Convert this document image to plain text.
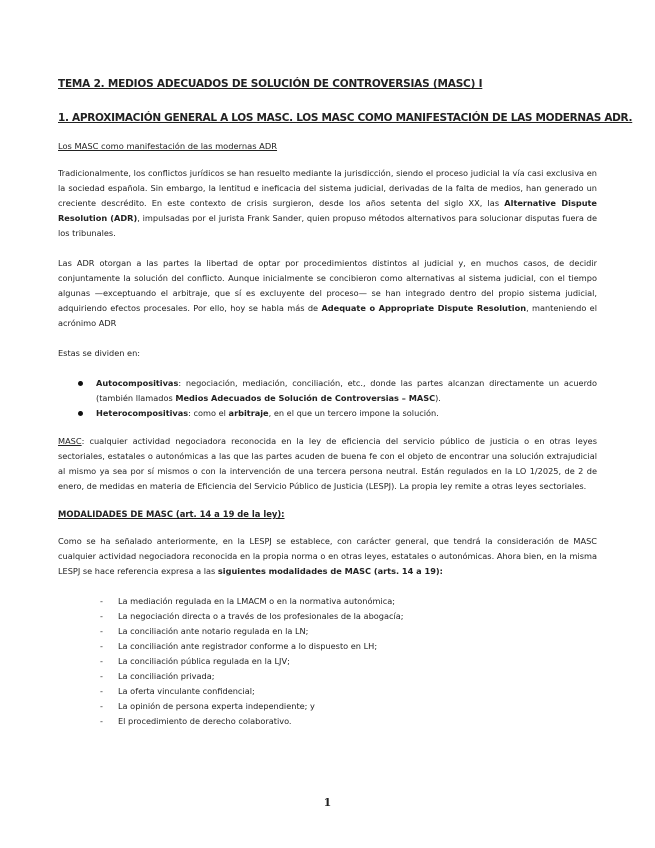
TEMA 2. MEDIOS ADECUADOS DE SOLUCIÓN DE CONTROVERSIAS (MASC) I
1. APROXIMACIÓN GENERAL A LOS MASC. LOS MASC COMO MANIFESTACIÓN DE LAS MODERNAS ADR.
Los MASC como manifestación de las modernas ADR

Tradicionalmente, los conflictos jurídicos se han resuelto mediante la jurisdicción, siendo el proceso judicial la vía casi exclusiva en la sociedad española. Sin embargo, la lentitud e ineficacia del sistema judicial, derivadas de la falta de medios, han generado un creciente descrédito. En este contexto de crisis surgieron, desde los años setenta del siglo XX, las Alternative Dispute Resolution (ADR), impulsadas por el jurista Frank Sander, quien propuso métodos alternativos para solucionar disputas fuera de los tribunales.

Las ADR otorgan a las partes la libertad de optar por procedimientos distintos al judicial y, en muchos casos, de decidir conjuntamente la solución del conflicto. Aunque inicialmente se concibieron como alternativas al sistema judicial, con el tiempo algunas —exceptuando el arbitraje, que sí es excluyente del proceso— se han integrado dentro del propio sistema judicial, adquiriendo efectos procesales. Por ello, hoy se habla más de Adequate o Appropriate Dispute Resolution, manteniendo el acrónimo ADR

Estas se dividen en:

Autocompositivas: negociación, mediación, conciliación, etc., donde las partes alcanzan directamente un acuerdo (también llamados Medios Adecuados de Solución de Controversias – MASC).
Heterocompositivas: como el arbitraje, en el que un tercero impone la solución.

MASC: cualquier actividad negociadora reconocida en la ley de eficiencia del servicio público de justicia o en otras leyes sectoriales, estatales o autonómicas a las que las partes acuden de buena fe con el objeto de encontrar una solución extrajudicial al mismo ya sea por sí mismos o con la intervención de una tercera persona neutral. Están regulados en la LO 1/2025, de 2 de enero, de medidas en materia de Eficiencia del Servicio Público de Justicia (LESPJ). La propia ley remite a otras leyes sectoriales.

MODALIDADES DE MASC (art. 14 a 19 de la ley):

Como se ha señalado anteriormente, en la LESPJ se establece, con carácter general, que tendrá la consideración de MASC cualquier actividad negociadora reconocida en la propia norma o en otras leyes, estatales o autonómicas. Ahora bien, en la misma LESPJ se hace referencia expresa a las siguientes modalidades de MASC (arts. 14 a 19):

- La mediación regulada en la LMACM o en la normativa autonómica;
- La negociación directa o a través de los profesionales de la abogacía;
- La conciliación ante notario regulada en la LN;
- La conciliación ante registrador conforme a lo dispuesto en LH;
- La conciliación pública regulada en la LJV;
- La conciliación privada;
- La oferta vinculante confidencial;
- La opinión de persona experta independiente; y
- El procedimiento de derecho colaborativo.
1
